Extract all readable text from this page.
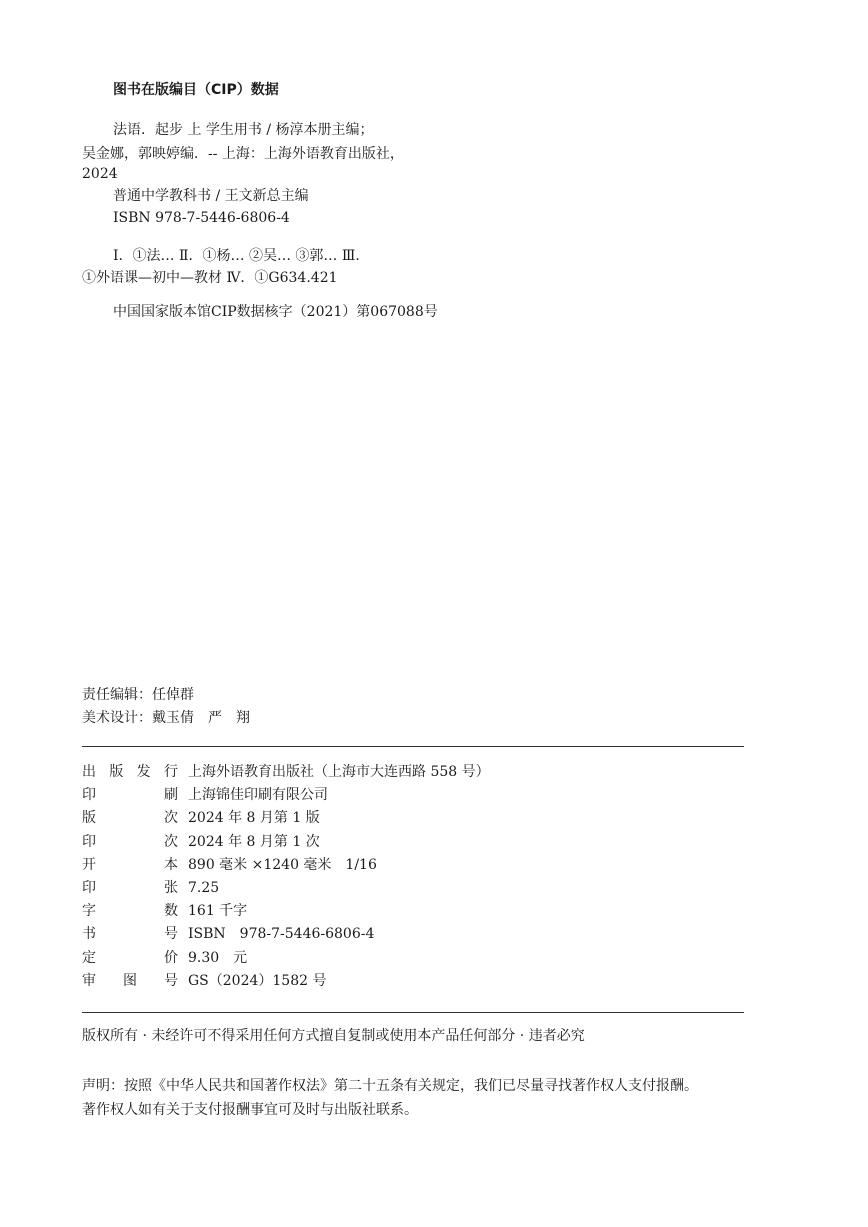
图书在版编目（CIP）数据
法语．起步 上 学生用书 / 杨淳本册主编；
吴金娜，郭映婷编．-- 上海：上海外语教育出版社，
2024
普通中学教科书 / 王文新总主编
ISBN 978-7-5446-6806-4
Ⅰ．①法… Ⅱ．①杨… ②吴… ③郭… Ⅲ．
①外语课—初中—教材 Ⅳ．①G634.421
中国国家版本馆CIP数据核字（2021）第067088号
责任编辑：任倬群
美术设计：戴玉倩　严　翔
出 版 发 行 上海外语教育出版社（上海市大连西路 558 号）
印	刷 上海锦佳印刷有限公司
版	次 2024 年 8 月第 1 版
印	次 2024 年 8 月第 1 次
开	本 890 毫米 ×1240 毫米　1/16
印	张 7.25
字	数 161 千字
书	号 ISBN　978-7-5446-6806-4
定	价 9.30　元
审 图 号 GS（2024）1582 号
版权所有 · 未经许可不得采用任何方式擅自复制或使用本产品任何部分 · 违者必究
声明：按照《中华人民共和国著作权法》第二十五条有关规定，我们已尽量寻找著作权人支付报酬。
著作权人如有关于支付报酬事宜可及时与出版社联系。
